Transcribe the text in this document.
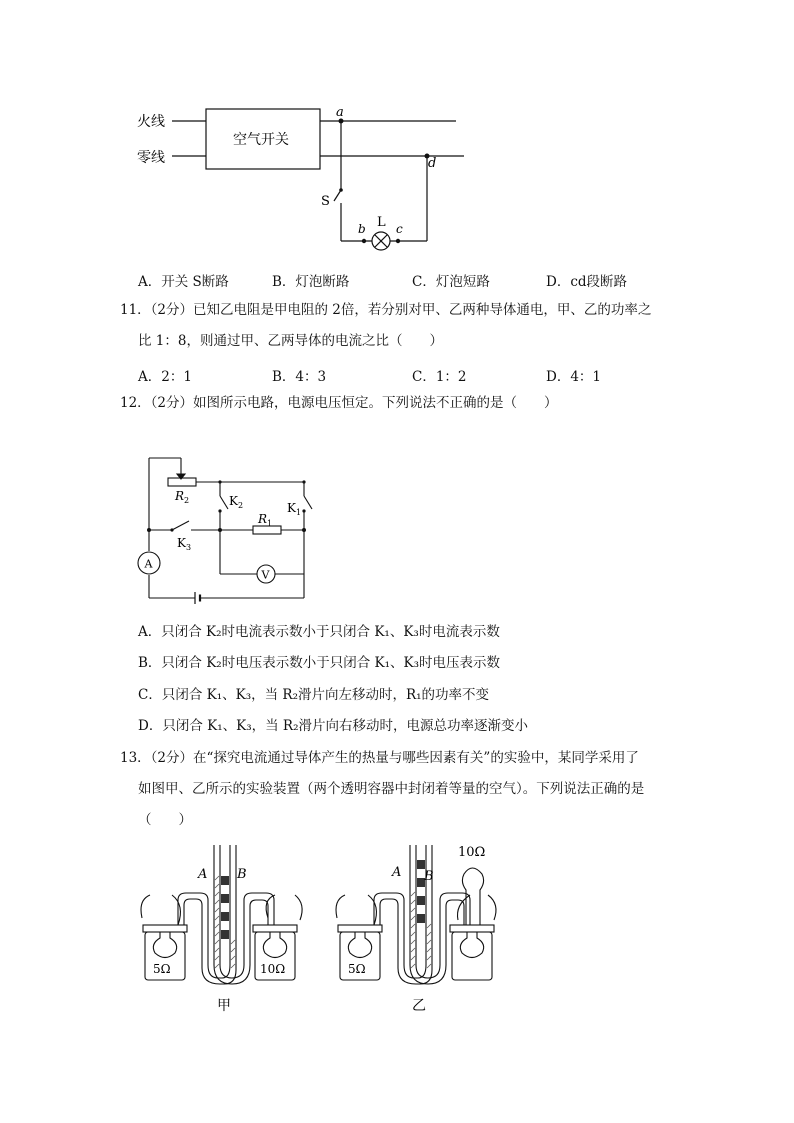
火线
零线
空气开关
a
d
S
L
b	c
A．开关 S断路	B．灯泡断路	C．灯泡短路	D．cd段断路
11．（2分）已知乙电阻是甲电阻的 2倍，若分别对甲、乙两种导体通电，甲、乙的功率之
比 1：8，则通过甲、乙两导体的电流之比（　　）
A．2：1	B．4：3	C．1：2	D．4：1
12．（2分）如图所示电路，电源电压恒定。下列说法不正确的是（　　）
$R_2$	$K_2$	$K_1$
$R_1$
$K_3$
A
V
A．只闭合 K₂时电流表示数小于只闭合 K₁、K₃时电流表示数
B．只闭合 K₂时电压表示数小于只闭合 K₁、K₃时电压表示数
C．只闭合 K₁、K₃，当 R₂滑片向左移动时，R₁的功率不变
D．只闭合 K₁、K₃，当 R₂滑片向右移动时，电源总功率逐渐变小
13．（2分）在“探究电流通过导体产生的热量与哪些因素有关”的实验中，某同学采用了
如图甲、乙所示的实验装置（两个透明容器中封闭着等量的空气）。下列说法正确的是
（　　）
A B
5Ω	10Ω
甲
A B
10Ω
5Ω
乙
